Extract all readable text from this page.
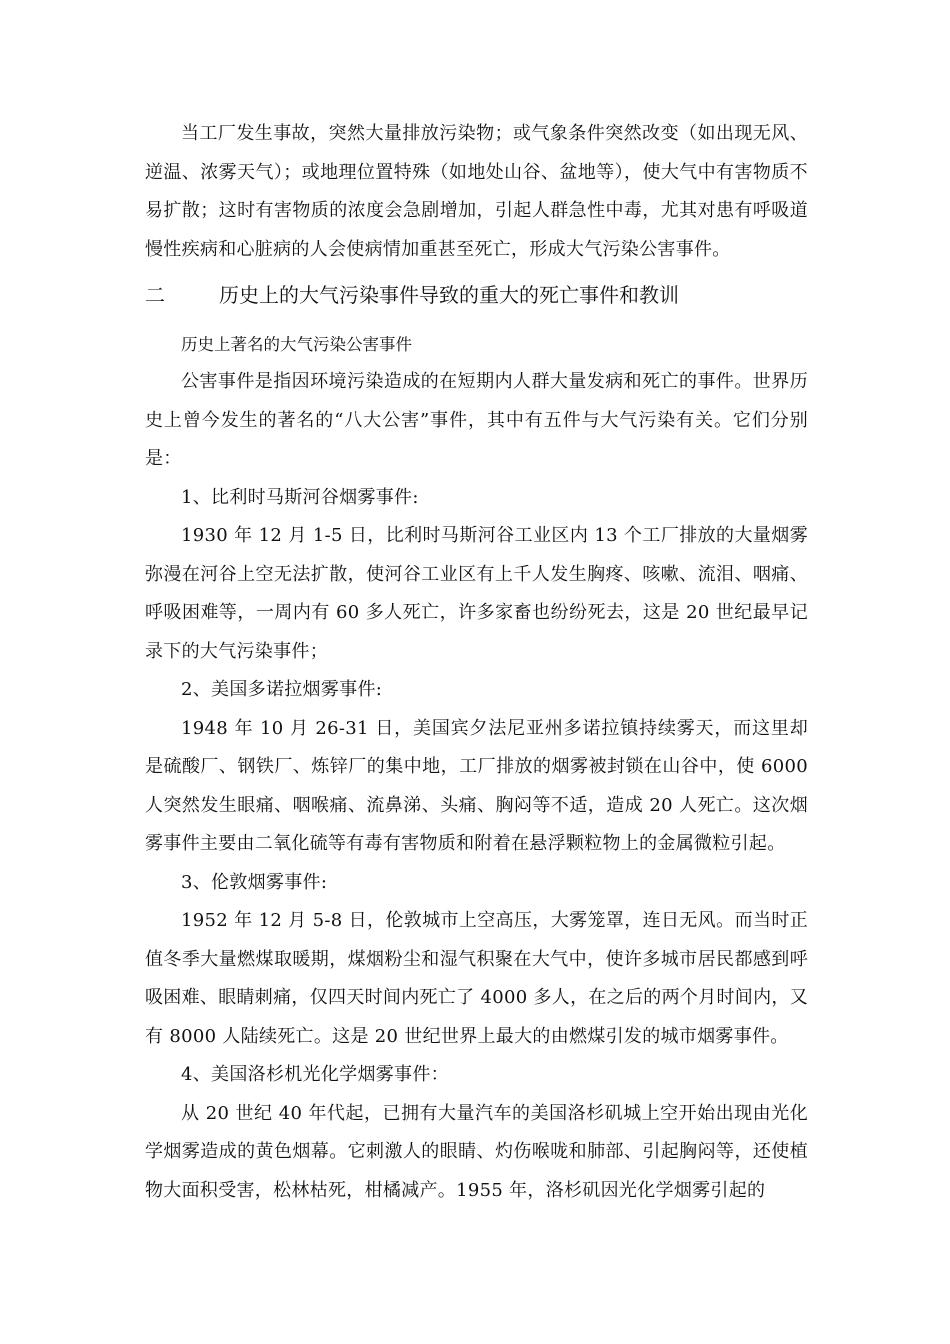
当工厂发生事故，突然大量排放污染物；或气象条件突然改变（如出现无风、逆温、浓雾天气）；或地理位置特殊（如地处山谷、盆地等），使大气中有害物质不易扩散；这时有害物质的浓度会急剧增加，引起人群急性中毒，尤其对患有呼吸道慢性疾病和心脏病的人会使病情加重甚至死亡，形成大气污染公害事件。

二	历史上的大气污染事件导致的重大的死亡事件和教训
历史上著名的大气污染公害事件

公害事件是指因环境污染造成的在短期内人群大量发病和死亡的事件。世界历史上曾今发生的著名的“八大公害”事件，其中有五件与大气污染有关。它们分别是：

1、比利时马斯河谷烟雾事件:

1930 年 12 月 1-5 日，比利时马斯河谷工业区内 13 个工厂排放的大量烟雾弥漫在河谷上空无法扩散，使河谷工业区有上千人发生胸疼、咳嗽、流泪、咽痛、呼吸困难等，一周内有 60 多人死亡，许多家畜也纷纷死去，这是 20 世纪最早记录下的大气污染事件；

2、美国多诺拉烟雾事件:

1948 年 10 月 26-31 日，美国宾夕法尼亚州多诺拉镇持续雾天，而这里却是硫酸厂、钢铁厂、炼锌厂的集中地，工厂排放的烟雾被封锁在山谷中，使 6000 人突然发生眼痛、咽喉痛、流鼻涕、头痛、胸闷等不适，造成 20 人死亡。这次烟雾事件主要由二氧化硫等有毒有害物质和附着在悬浮颗粒物上的金属微粒引起。

3、伦敦烟雾事件:

1952 年 12 月 5-8 日，伦敦城市上空高压，大雾笼罩，连日无风。而当时正值冬季大量燃煤取暖期，煤烟粉尘和湿气积聚在大气中，使许多城市居民都感到呼吸困难、眼睛刺痛，仅四天时间内死亡了 4000 多人，在之后的两个月时间内，又有 8000 人陆续死亡。这是 20 世纪世界上最大的由燃煤引发的城市烟雾事件。

4、美国洛杉机光化学烟雾事件：

从 20 世纪 40 年代起，已拥有大量汽车的美国洛杉矶城上空开始出现由光化学烟雾造成的黄色烟幕。它刺激人的眼睛、灼伤喉咙和肺部、引起胸闷等，还使植物大面积受害，松林枯死，柑橘减产。1955 年，洛杉矶因光化学烟雾引起的
